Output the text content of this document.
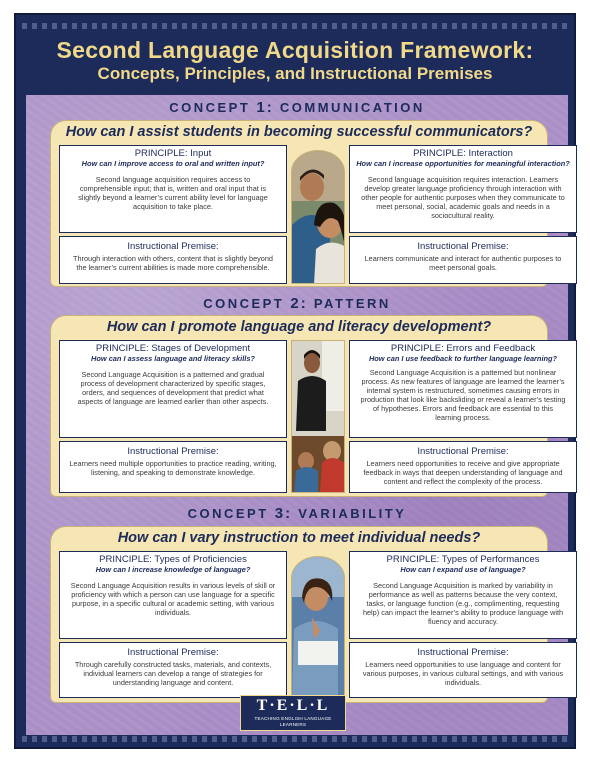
Second Language Acquisition Framework:
Concepts, Principles, and Instructional Premises
CONCEPT 1: COMMUNICATION
How can I assist students in becoming successful communicators?
PRINCIPLE: Input
How can I improve access to oral and written input?
Second language acquisition requires access to comprehensible input; that is, written and oral input that is slightly beyond a learner’s current ability level for language acquisition to take place.
Instructional Premise:
Through interaction with others, content that is slightly beyond the learner’s current abilities is made more comprehensible.
PRINCIPLE: Interaction
How can I increase opportunities for meaningful interaction?
Second language acquisition requires interaction. Learners develop greater language proficiency through interaction with other people for authentic purposes when they communicate to meet personal, social, academic goals and needs in a sociocultural reality.
Instructional Premise:
Learners communicate and interact for authentic purposes to meet personal goals.
CONCEPT 2: PATTERN
How can I promote language and literacy development?
PRINCIPLE: Stages of Development
How can I assess language and literacy skills?
Second Language Acquisition is a patterned and gradual process of development characterized by specific stages, orders, and sequences of development that predict what aspects of language are learned earlier than other aspects.
Instructional Premise:
Learners need multiple opportunities to practice reading, writing, listening, and speaking to demonstrate knowledge.
PRINCIPLE: Errors and Feedback
How can I use feedback to further language learning?
Second Language Acquisition is a patterned but nonlinear process. As new features of language are learned the learner’s internal system is restructured, sometimes causing errors in production that look like backsliding or reveal a learner’s testing of hypotheses. Errors and feedback are essential to this learning process.
Instructional Premise:
Learners need opportunities to receive and give appropriate feedback in ways that deepen understanding of language and content and reflect the complexity of the process.
CONCEPT 3: VARIABILITY
How can I vary instruction to meet individual needs?
PRINCIPLE: Types of Proficiencies
How can I increase knowledge of language?
Second Language Acquisition results in various levels of skill or proficiency with which a person can use language for a specific purpose, in a specific cultural or academic setting, with various individuals.
Instructional Premise:
Through carefully constructed tasks, materials, and contexts, individual learners can develop a range of strategies for understanding language and content.
PRINCIPLE: Types of Performances
How can I expand use of language?
Second Language Acquisition is marked by variability in performance as well as patterns because the very context, tasks, or language function (e.g., complimenting, requesting help) can impact the learner’s ability to produce language with fluency and accuracy.
Instructional Premise:
Learners need opportunities to use language and content for various purposes, in various cultural settings, and with various individuals.
T·E·L·L
TEACHING ENGLISH LANGUAGE LEARNERS
